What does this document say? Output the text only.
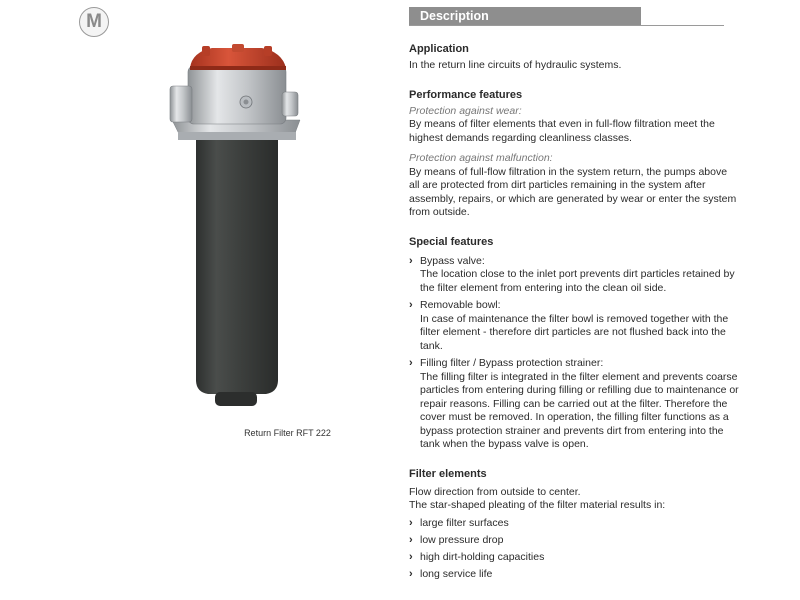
M
Return Filter RFT 222
Description
Application

In the return line circuits of hydraulic systems.

Performance features

Protection against wear:

By means of filter elements that even in full-flow filtration meet the highest demands regarding cleanliness classes.

Protection against malfunction:

By means of full-flow filtration in the system return, the pumps above all are protected from dirt particles remaining in the system after assembly, repairs, or which are generated by wear or enter the system from outside.

Special features
› Bypass valve:
The location close to the inlet port prevents dirt particles retained by the filter element from entering into the clean oil side.
› Removable bowl:
In case of maintenance the filter bowl is removed together with the filter element - therefore dirt particles are not flushed back into the tank.
› Filling filter / Bypass protection strainer:
The filling filter is integrated in the filter element and prevents coarse particles from entering during filling or refilling due to maintenance or repair reasons. Filling can be carried out at the filter. Therefore the cover must be removed. In operation, the filling filter functions as a bypass protection strainer and prevents dirt from entering into the tank when the bypass valve is open.
Filter elements

Flow direction from outside to center.

The star-shaped pleating of the filter material results in:

› large filter surfaces
› low pressure drop
› high dirt-holding capacities
› long service life
